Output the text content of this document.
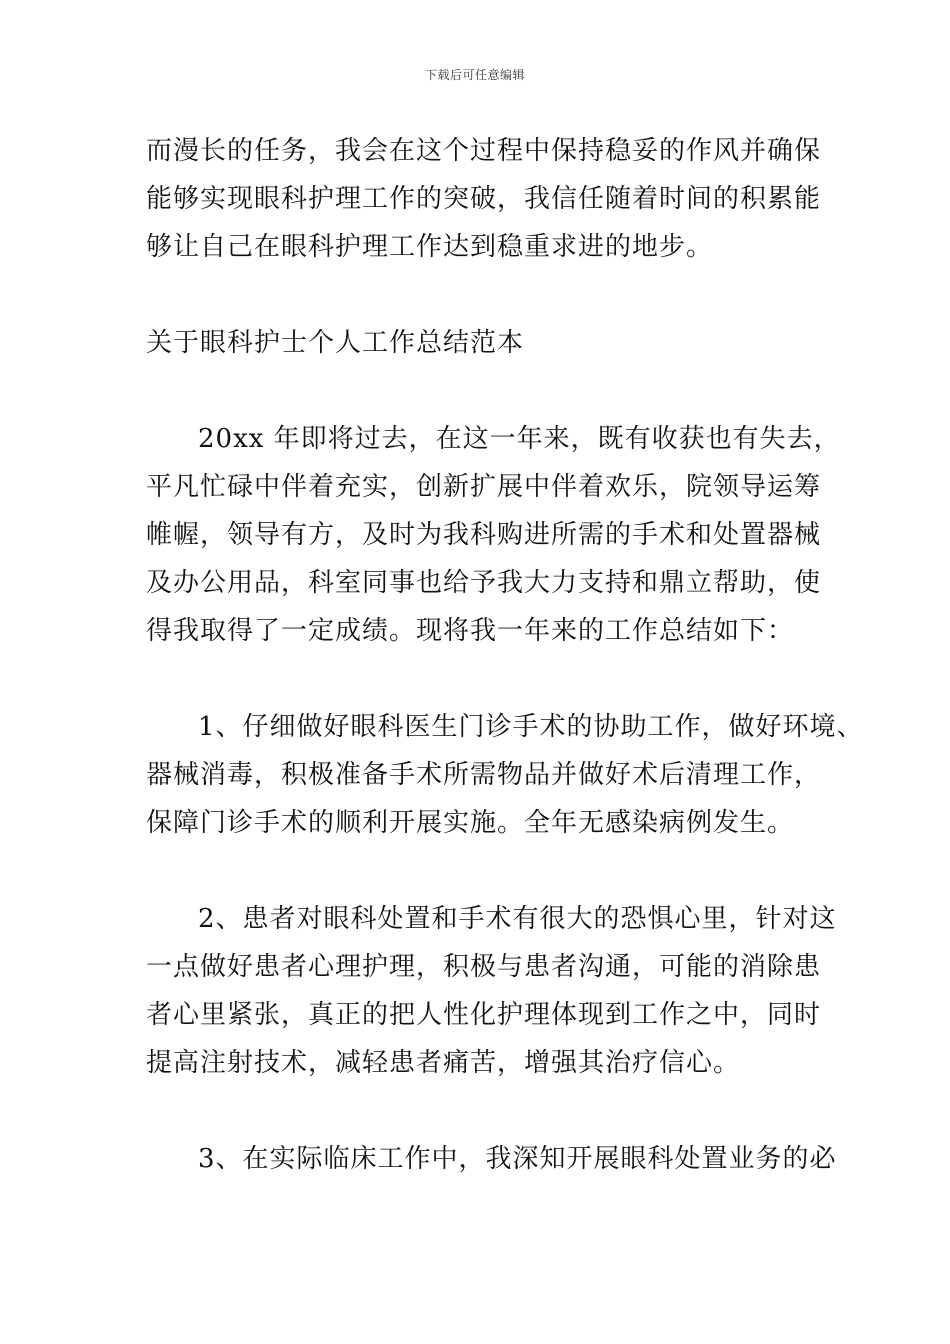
下载后可任意编辑
而漫长的任务，我会在这个过程中保持稳妥的作风并确保
能够实现眼科护理工作的突破，我信任随着时间的积累能
够让自己在眼科护理工作达到稳重求进的地步。
关于眼科护士个人工作总结范本
20xx 年即将过去，在这一年来，既有收获也有失去，
平凡忙碌中伴着充实，创新扩展中伴着欢乐，院领导运筹
帷幄，领导有方，及时为我科购进所需的手术和处置器械
及办公用品，科室同事也给予我大力支持和鼎立帮助，使
得我取得了一定成绩。现将我一年来的工作总结如下：
1、仔细做好眼科医生门诊手术的协助工作，做好环境、
器械消毒，积极准备手术所需物品并做好术后清理工作，
保障门诊手术的顺利开展实施。全年无感染病例发生。
2、患者对眼科处置和手术有很大的恐惧心里，针对这
一点做好患者心理护理，积极与患者沟通，可能的消除患
者心里紧张，真正的把人性化护理体现到工作之中，同时
提高注射技术，减轻患者痛苦，增强其治疗信心。
3、在实际临床工作中，我深知开展眼科处置业务的必
